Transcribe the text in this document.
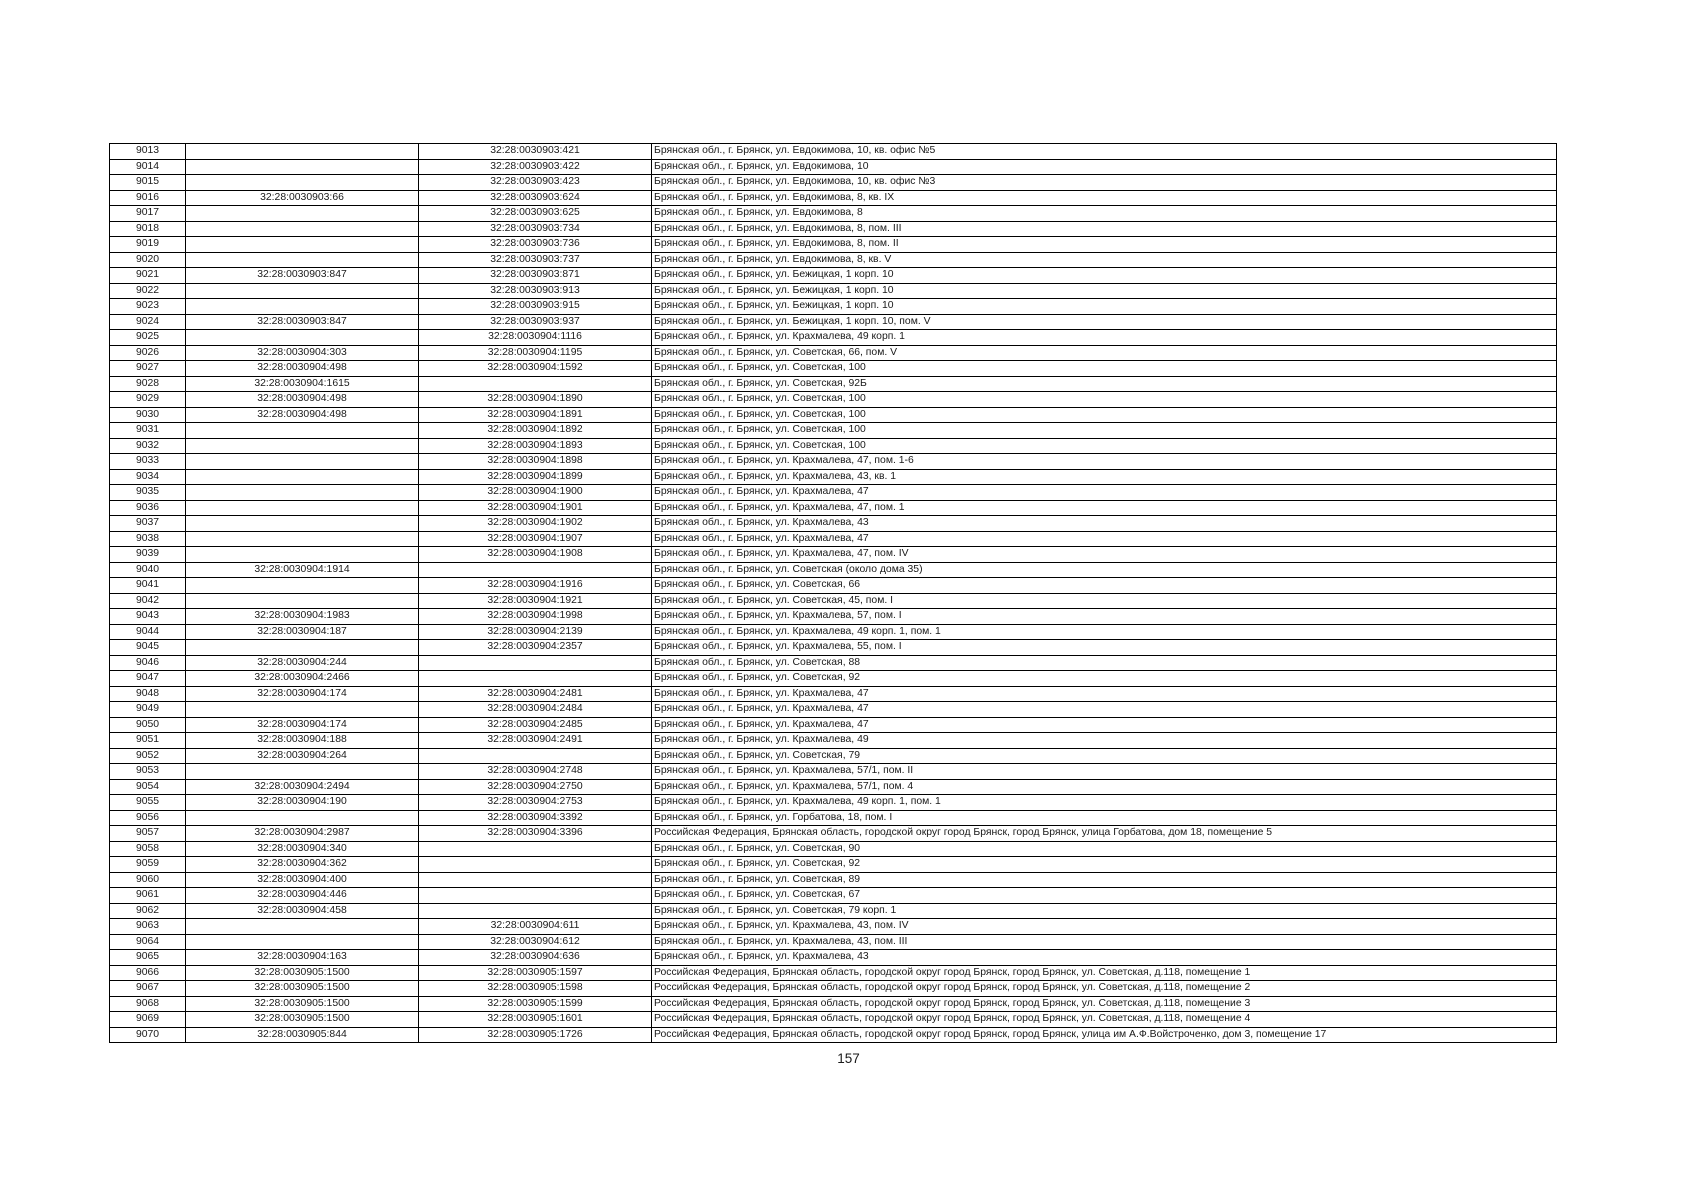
9013		32:28:0030903:421	Брянская обл., г. Брянск, ул. Евдокимова, 10, кв. офис №5
9014		32:28:0030903:422	Брянская обл., г. Брянск, ул. Евдокимова, 10
9015		32:28:0030903:423	Брянская обл., г. Брянск, ул. Евдокимова, 10, кв. офис №3
9016	32:28:0030903:66	32:28:0030903:624	Брянская обл., г. Брянск, ул. Евдокимова, 8, кв. IX
9017		32:28:0030903:625	Брянская обл., г. Брянск, ул. Евдокимова, 8
9018		32:28:0030903:734	Брянская обл., г. Брянск, ул. Евдокимова, 8, пом. III
9019		32:28:0030903:736	Брянская обл., г. Брянск, ул. Евдокимова, 8, пом. II
9020		32:28:0030903:737	Брянская обл., г. Брянск, ул. Евдокимова, 8, кв. V
9021	32:28:0030903:847	32:28:0030903:871	Брянская обл., г. Брянск, ул. Бежицкая, 1 корп. 10
9022		32:28:0030903:913	Брянская обл., г. Брянск, ул. Бежицкая, 1 корп. 10
9023		32:28:0030903:915	Брянская обл., г. Брянск, ул. Бежицкая, 1 корп. 10
9024	32:28:0030903:847	32:28:0030903:937	Брянская обл., г. Брянск, ул. Бежицкая, 1 корп. 10, пом. V
9025		32:28:0030904:1116	Брянская обл., г. Брянск, ул. Крахмалева, 49 корп. 1
9026	32:28:0030904:303	32:28:0030904:1195	Брянская обл., г. Брянск, ул. Советская, 66, пом. V
9027	32:28:0030904:498	32:28:0030904:1592	Брянская обл., г. Брянск, ул. Советская, 100
9028	32:28:0030904:1615		Брянская обл., г. Брянск, ул. Советская, 92Б
9029	32:28:0030904:498	32:28:0030904:1890	Брянская обл., г. Брянск, ул. Советская, 100
9030	32:28:0030904:498	32:28:0030904:1891	Брянская обл., г. Брянск, ул. Советская, 100
9031		32:28:0030904:1892	Брянская обл., г. Брянск, ул. Советская, 100
9032		32:28:0030904:1893	Брянская обл., г. Брянск, ул. Советская, 100
9033		32:28:0030904:1898	Брянская обл., г. Брянск, ул. Крахмалева, 47, пом. 1-6
9034		32:28:0030904:1899	Брянская обл., г. Брянск, ул. Крахмалева, 43, кв. 1
9035		32:28:0030904:1900	Брянская обл., г. Брянск, ул. Крахмалева, 47
9036		32:28:0030904:1901	Брянская обл., г. Брянск, ул. Крахмалева, 47, пом. 1
9037		32:28:0030904:1902	Брянская обл., г. Брянск, ул. Крахмалева, 43
9038		32:28:0030904:1907	Брянская обл., г. Брянск, ул. Крахмалева, 47
9039		32:28:0030904:1908	Брянская обл., г. Брянск, ул. Крахмалева, 47, пом. IV
9040	32:28:0030904:1914		Брянская обл., г. Брянск, ул. Советская (около дома 35)
9041		32:28:0030904:1916	Брянская обл., г. Брянск, ул. Советская, 66
9042		32:28:0030904:1921	Брянская обл., г. Брянск, ул. Советская, 45, пом. I
9043	32:28:0030904:1983	32:28:0030904:1998	Брянская обл., г. Брянск, ул. Крахмалева, 57, пом. I
9044	32:28:0030904:187	32:28:0030904:2139	Брянская обл., г. Брянск, ул. Крахмалева, 49 корп. 1, пом. 1
9045		32:28:0030904:2357	Брянская обл., г. Брянск, ул. Крахмалева, 55, пом. I
9046	32:28:0030904:244		Брянская обл., г. Брянск, ул. Советская, 88
9047	32:28:0030904:2466		Брянская обл., г. Брянск, ул. Советская, 92
9048	32:28:0030904:174	32:28:0030904:2481	Брянская обл., г. Брянск, ул. Крахмалева, 47
9049		32:28:0030904:2484	Брянская обл., г. Брянск, ул. Крахмалева, 47
9050	32:28:0030904:174	32:28:0030904:2485	Брянская обл., г. Брянск, ул. Крахмалева, 47
9051	32:28:0030904:188	32:28:0030904:2491	Брянская обл., г. Брянск, ул. Крахмалева, 49
9052	32:28:0030904:264		Брянская обл., г. Брянск, ул. Советская, 79
9053		32:28:0030904:2748	Брянская обл., г. Брянск, ул. Крахмалева, 57/1, пом. II
9054	32:28:0030904:2494	32:28:0030904:2750	Брянская обл., г. Брянск, ул. Крахмалева, 57/1, пом. 4
9055	32:28:0030904:190	32:28:0030904:2753	Брянская обл., г. Брянск, ул. Крахмалева, 49 корп. 1, пом. 1
9056		32:28:0030904:3392	Брянская обл., г. Брянск, ул. Горбатова, 18, пом. I
9057	32:28:0030904:2987	32:28:0030904:3396	Российская Федерация, Брянская область, городской округ город Брянск, город Брянск, улица Горбатова, дом 18, помещение 5
9058	32:28:0030904:340		Брянская обл., г. Брянск, ул. Советская, 90
9059	32:28:0030904:362		Брянская обл., г. Брянск, ул. Советская, 92
9060	32:28:0030904:400		Брянская обл., г. Брянск, ул. Советская, 89
9061	32:28:0030904:446		Брянская обл., г. Брянск, ул. Советская, 67
9062	32:28:0030904:458		Брянская обл., г. Брянск, ул. Советская, 79 корп. 1
9063		32:28:0030904:611	Брянская обл., г. Брянск, ул. Крахмалева, 43, пом. IV
9064		32:28:0030904:612	Брянская обл., г. Брянск, ул. Крахмалева, 43, пом. III
9065	32:28:0030904:163	32:28:0030904:636	Брянская обл., г. Брянск, ул. Крахмалева, 43
9066	32:28:0030905:1500	32:28:0030905:1597	Российская Федерация, Брянская область, городской округ город Брянск, город Брянск, ул. Советская, д.118, помещение 1
9067	32:28:0030905:1500	32:28:0030905:1598	Российская Федерация, Брянская область, городской округ город Брянск, город Брянск, ул. Советская, д.118, помещение 2
9068	32:28:0030905:1500	32:28:0030905:1599	Российская Федерация, Брянская область, городской округ город Брянск, город Брянск, ул. Советская, д.118, помещение 3
9069	32:28:0030905:1500	32:28:0030905:1601	Российская Федерация, Брянская область, городской округ город Брянск, город Брянск, ул. Советская, д.118, помещение 4
9070	32:28:0030905:844	32:28:0030905:1726	Российская Федерация, Брянская область, городской округ город Брянск, город Брянск, улица им А.Ф.Войстроченко, дом 3, помещение 17
157
